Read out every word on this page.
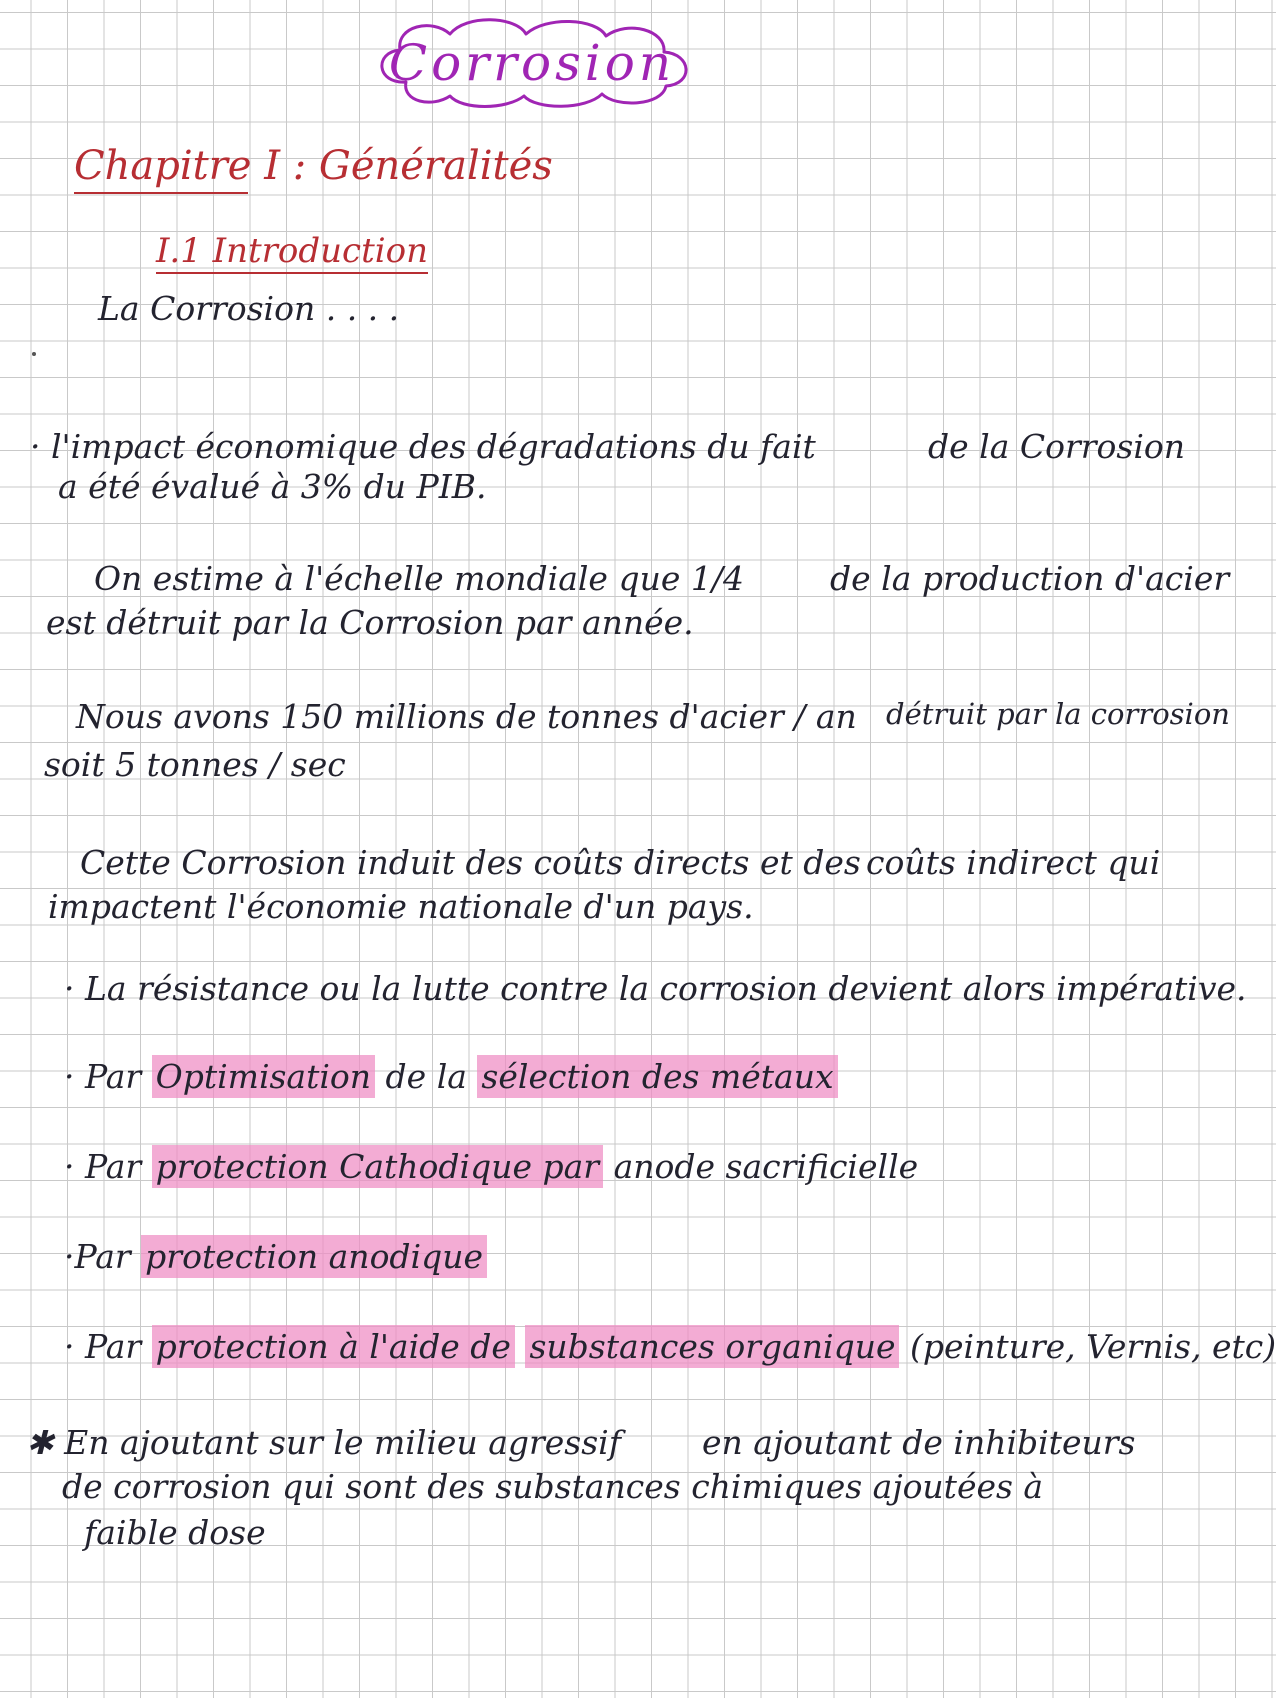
Corrosion
Chapitre I : Généralités
I.1 Introduction
La Corrosion . . . .
· l'impact économique des dégradations du fait	de la Corrosion
a été évalué à 3% du PIB.
On estime à l'échelle mondiale que 1/4	de la production d'acier
est détruit par la Corrosion par année.
Nous avons 150 millions de tonnes d'acier / an détruit par la corrosion
soit 5 tonnes / sec
Cette Corrosion induit des coûts directs et des coûts indirect qui
impactent l'économie nationale d'un pays.
· La résistance ou la lutte contre la corrosion devient alors impérative.
· Par Optimisation de la sélection des métaux
· Par protection Cathodique par anode sacrificielle
·Par protection anodique
· Par protection à l'aide de substances organique (peinture, Vernis, etc)
✱ En ajoutant sur le milieu agressif en ajoutant de inhibiteurs
de corrosion qui sont des substances chimiques ajoutées à
faible dose
